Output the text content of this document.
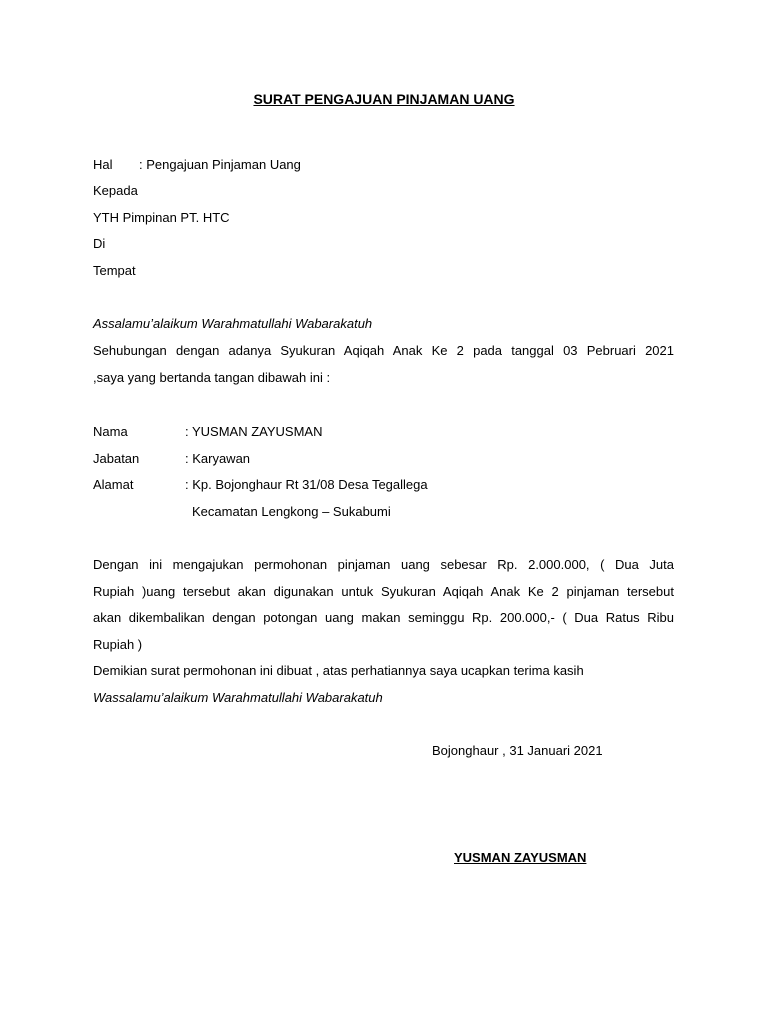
SURAT PENGAJUAN PINJAMAN UANG
Hal : Pengajuan Pinjaman Uang
Kepada
YTH Pimpinan PT. HTC
Di
Tempat
Assalamu’alaikum Warahmatullahi Wabarakatuh
Sehubungan dengan adanya Syukuran Aqiqah Anak Ke 2 pada tanggal 03 Pebruari 2021
,saya yang bertanda tangan dibawah ini :
Nama	: YUSMAN ZAYUSMAN
Jabatan	: Karyawan
Alamat	: Kp. Bojonghaur Rt 31/08 Desa Tegallega
Kecamatan Lengkong – Sukabumi
Dengan ini mengajukan permohonan pinjaman uang sebesar Rp. 2.000.000, ( Dua Juta
Rupiah )uang tersebut akan digunakan untuk Syukuran Aqiqah Anak Ke 2 pinjaman tersebut
akan dikembalikan dengan potongan uang makan seminggu Rp. 200.000,- ( Dua Ratus Ribu
Rupiah )
Demikian surat permohonan ini dibuat , atas perhatiannya saya ucapkan terima kasih
Wassalamu’alaikum Warahmatullahi Wabarakatuh
Bojonghaur , 31 Januari 2021
YUSMAN ZAYUSMAN
